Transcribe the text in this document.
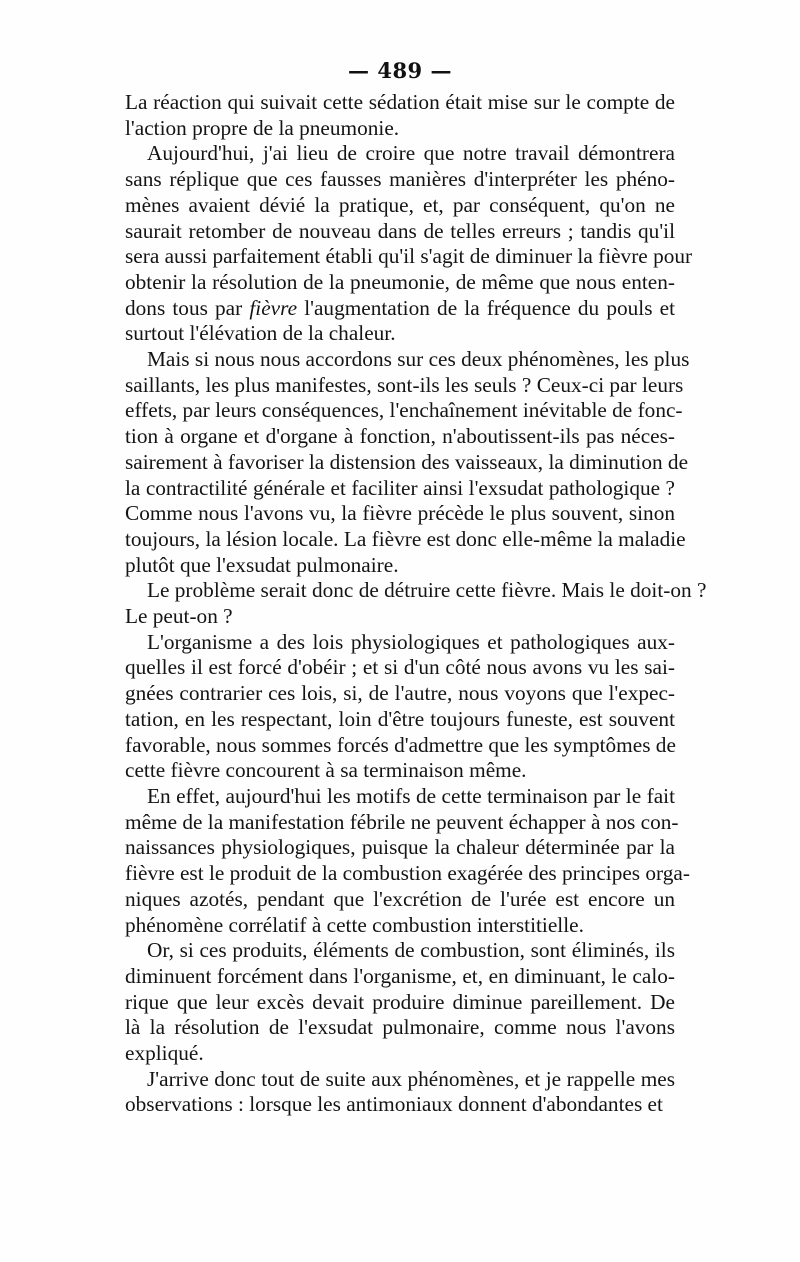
— 489 —
La réaction qui suivait cette sédation était mise sur le compte de
l'action propre de la pneumonie.
Aujourd'hui, j'ai lieu de croire que notre travail démontrera
sans réplique que ces fausses manières d'interpréter les phéno-
mènes avaient dévié la pratique, et, par conséquent, qu'on ne
saurait retomber de nouveau dans de telles erreurs ; tandis qu'il
sera aussi parfaitement établi qu'il s'agit de diminuer la fièvre pour
obtenir la résolution de la pneumonie, de même que nous enten-
dons tous par fièvre l'augmentation de la fréquence du pouls et
surtout l'élévation de la chaleur.
Mais si nous nous accordons sur ces deux phénomènes, les plus
saillants, les plus manifestes, sont-ils les seuls ? Ceux-ci par leurs
effets, par leurs conséquences, l'enchaînement inévitable de fonc-
tion à organe et d'organe à fonction, n'aboutissent-ils pas néces-
sairement à favoriser la distension des vaisseaux, la diminution de
la contractilité générale et faciliter ainsi l'exsudat pathologique ?
Comme nous l'avons vu, la fièvre précède le plus souvent, sinon
toujours, la lésion locale. La fièvre est donc elle-même la maladie
plutôt que l'exsudat pulmonaire.
Le problème serait donc de détruire cette fièvre. Mais le doit-on ?
Le peut-on ?
L'organisme a des lois physiologiques et pathologiques aux-
quelles il est forcé d'obéir ; et si d'un côté nous avons vu les sai-
gnées contrarier ces lois, si, de l'autre, nous voyons que l'expec-
tation, en les respectant, loin d'être toujours funeste, est souvent
favorable, nous sommes forcés d'admettre que les symptômes de
cette fièvre concourent à sa terminaison même.
En effet, aujourd'hui les motifs de cette terminaison par le fait
même de la manifestation fébrile ne peuvent échapper à nos con-
naissances physiologiques, puisque la chaleur déterminée par la
fièvre est le produit de la combustion exagérée des principes orga-
niques azotés, pendant que l'excrétion de l'urée est encore un
phénomène corrélatif à cette combustion interstitielle.
Or, si ces produits, éléments de combustion, sont éliminés, ils
diminuent forcément dans l'organisme, et, en diminuant, le calo-
rique que leur excès devait produire diminue pareillement. De
là la résolution de l'exsudat pulmonaire, comme nous l'avons
expliqué.
J'arrive donc tout de suite aux phénomènes, et je rappelle mes
observations : lorsque les antimoniaux donnent d'abondantes et
